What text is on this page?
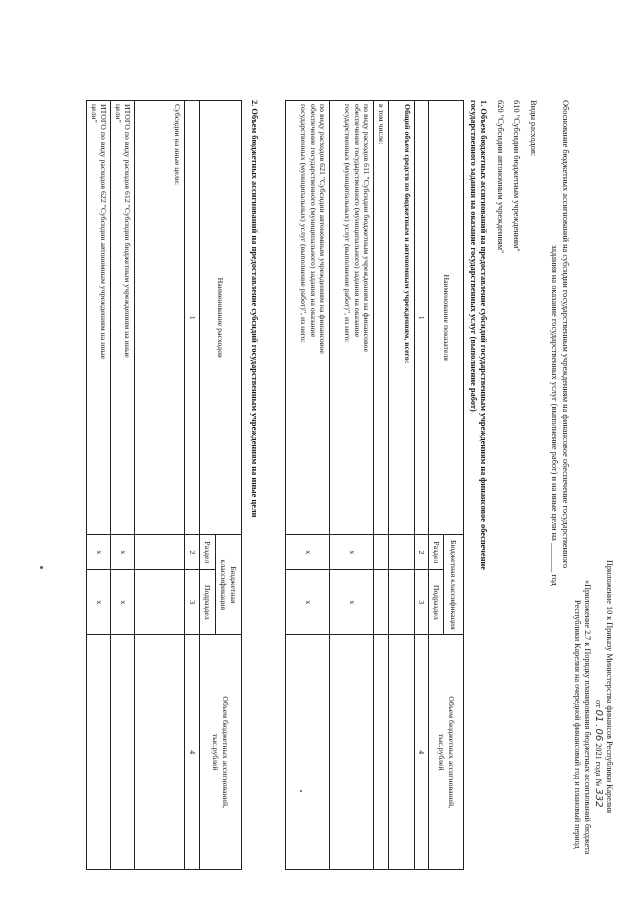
Приложение 10 к Приказу Министерства финансов Республики Карелия
от 01 . 06 2021 года № 332
«Приложение 2.7 к Порядку планирования бюджетных ассигнований бюджета
Республики Карелия на очередной финансовый год и плановый период
Обоснование бюджетных ассигнований на субсидии государственным учреждениям на финансовое обеспечение государственного
задания на оказание государственных услуг (выполнение работ) и на иные цели на _______ год
Виды расходов:
610 "Субсидии бюджетным учреждениям"
620 "Субсидии автономным учреждениям"
1. Объем бюджетных ассигнований на предоставление субсидий государственным учреждениям на финансовое обеспечение
государственного задания на оказание государственных услуг (выполнение работ)
Наименование показателя	Бюджетная классификация		Объем бюджетных ассигнований,
тыс.рублей
	Раздел	Подраздел	
1	2	3	4
Общий объем средств по бюджетным и автономным учреждениям, всего:			
в том числе:			
по виду расходов 611 "Субсидии бюджетным учреждениям на финансовое
обеспечение государственного (муниципального) задания на оказание
государственных (муниципальных) услуг (выполнение работ)", из него:	х	х	
по виду расходов 621 "Субсидии автономным учреждениям на финансовое
обеспечение государственного (муниципального) задания на оказание
государственных (муниципальных) услуг (выполнение работ)", из него:	х	х	
2. Объем бюджетных ассигнований на предоставление субсидий государственным учреждениям на иные цели
Наименование расходов	Бюджетная
классификация		Объем бюджетных ассигнований,
тыс.рублей
	Раздел	Подраздел	
1	2	3	4
Субсидии на иные цели:			
ИТОГО по виду расходов 612 "Субсидии бюджетным учреждениям на иные
цели"	х	х	
ИТОГО по виду расходов 622 "Субсидии автономным учреждениям на иные
цели"	х	х	
